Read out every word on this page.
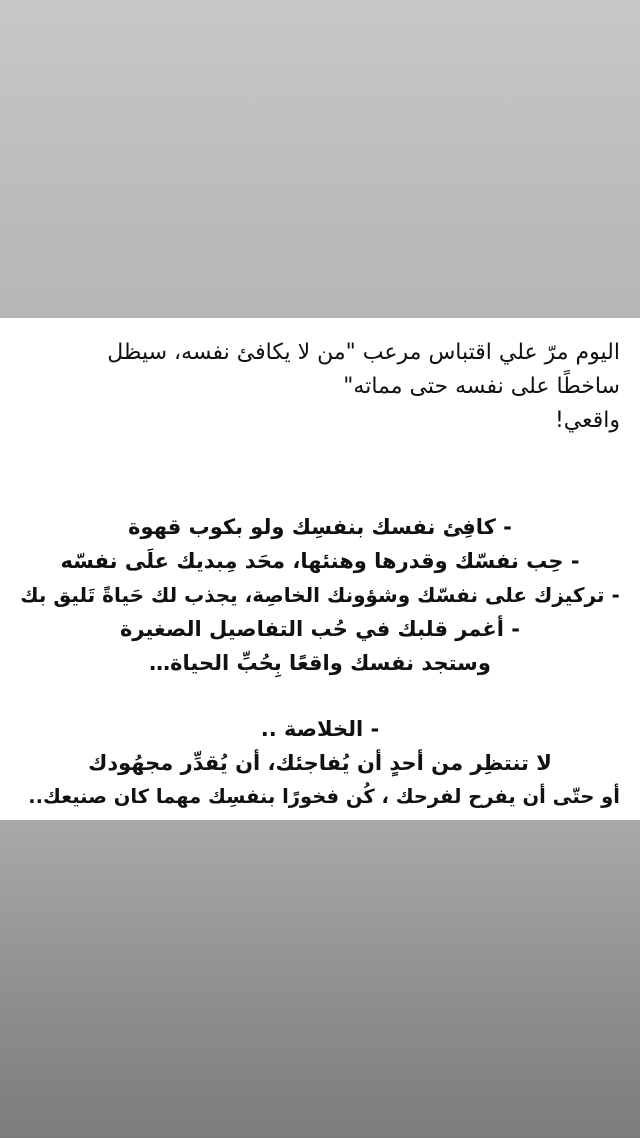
اليوم مرّ علي اقتباس مرعب "من لا يكافئ نفسه، سيظل

ساخطًا على نفسه حتى مماته"

واقعي!

- كافِئ نفسك بنفسِك ولو بكوب قهوة

- حِب نفسّك وقدرها وهنئها، محَد مِبديك علَى نفسّه

- تركيزك على نفسّك وشؤونك الخاصِة، يجذب لك حَياةً تَليق بك

- أغمر قلبك في حُب التفاصيل الصغيرة

وستجد نفسك واقعًا بِحُبِّ الحياة…

- الخلاصة ..

لا تنتظِر من أحدٍ أن يُفاجئك، أن يُقدِّر مجهُودك

أو حتّى أن يفرح لفرحك ، كُن فخورًا بنفسِك مهما كان صنيعك..
